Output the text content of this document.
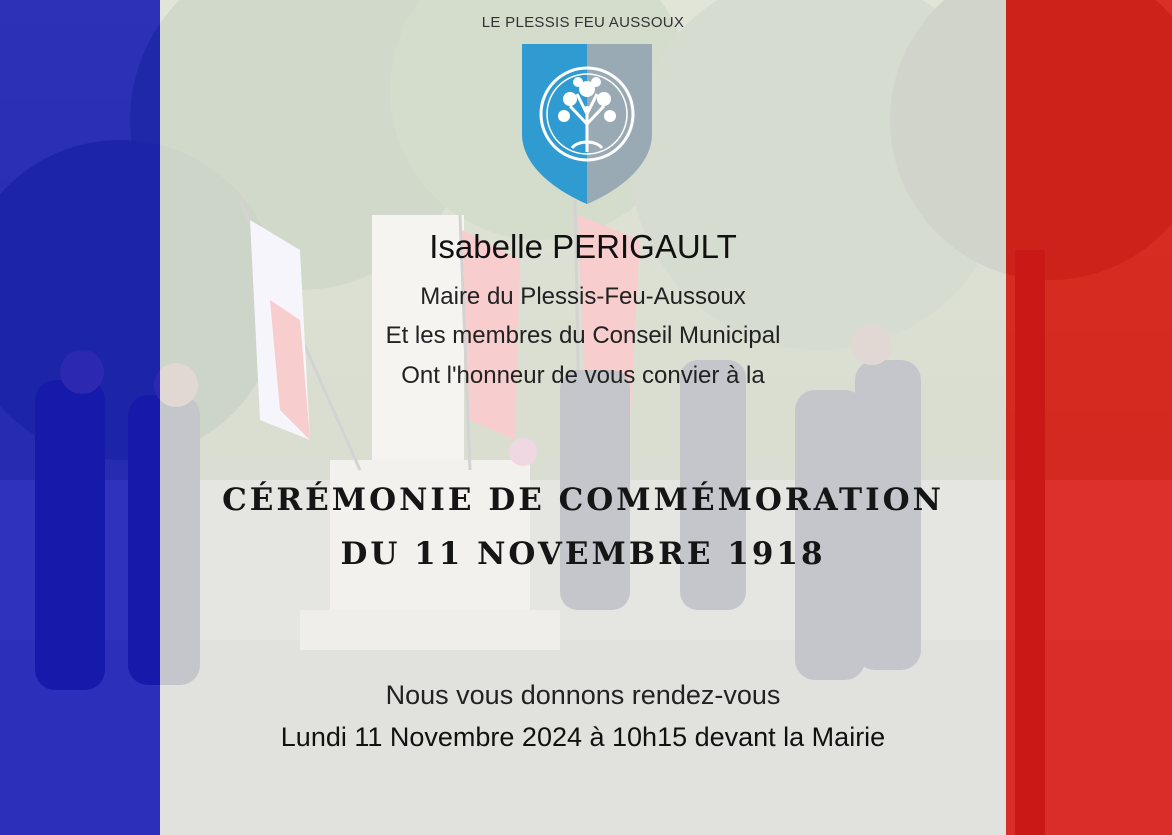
LE PLESSIS FEU AUSSOUX
Isabelle PERIGAULT
Maire du Plessis-Feu-Aussoux
Et les membres du Conseil Municipal
Ont l'honneur de vous convier à la
CÉRÉMONIE DE COMMÉMORATION
DU 11 NOVEMBRE 1918
Nous vous donnons rendez-vous
Lundi 11 Novembre 2024 à 10h15 devant la Mairie
